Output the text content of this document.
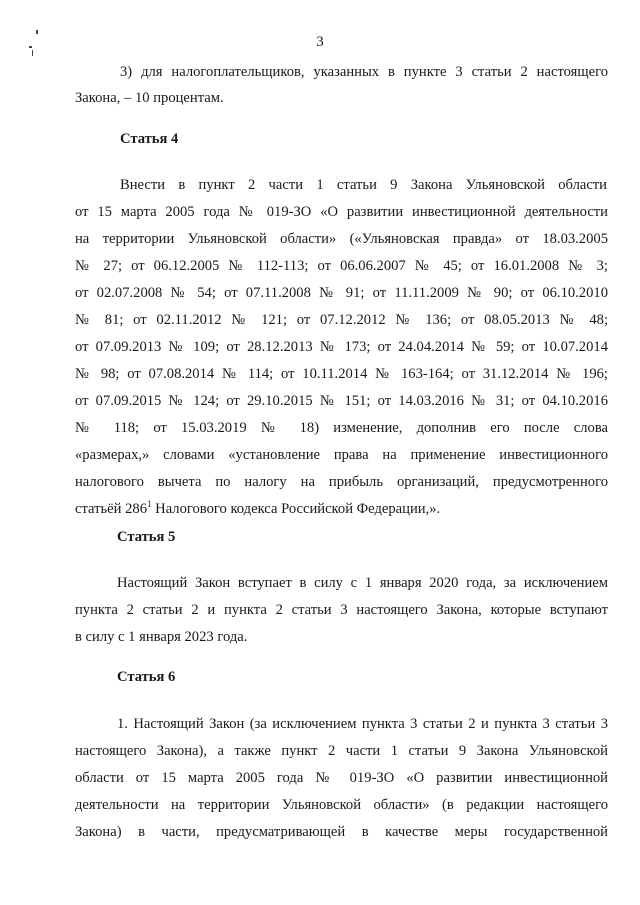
3
3) для налогоплательщиков, указанных в пункте 3 статьи 2 настоящего
Закона, – 10 процентам.
Статья 4
Внести в пункт 2 части 1 статьи 9 Закона Ульяновской области
от 15 марта 2005 года № 019-ЗО «О развитии инвестиционной деятельности
на территории Ульяновской области» («Ульяновская правда» от 18.03.2005
№ 27; от 06.12.2005 № 112-113; от 06.06.2007 № 45; от 16.01.2008 № 3;
от 02.07.2008 № 54; от 07.11.2008 № 91; от 11.11.2009 № 90; от 06.10.2010
№ 81; от 02.11.2012 № 121; от 07.12.2012 № 136; от 08.05.2013 № 48;
от 07.09.2013 № 109; от 28.12.2013 № 173; от 24.04.2014 № 59; от 10.07.2014
№ 98; от 07.08.2014 № 114; от 10.11.2014 № 163-164; от 31.12.2014 № 196;
от 07.09.2015 № 124; от 29.10.2015 № 151; от 14.03.2016 № 31; от 04.10.2016
№ 118; от 15.03.2019 № 18) изменение, дополнив его после слова
«размерах,» словами «установление права на применение инвестиционного
налогового вычета по налогу на прибыль организаций, предусмотренного
статьёй $286^1$ Налогового кодекса Российской Федерации,».
Статья 5
Настоящий Закон вступает в силу с 1 января 2020 года, за исключением
пункта 2 статьи 2 и пункта 2 статьи 3 настоящего Закона, которые вступают
в силу с 1 января 2023 года.
Статья 6
1. Настоящий Закон (за исключением пункта 3 статьи 2 и пункта 3 статьи 3
настоящего Закона), а также пункт 2 части 1 статьи 9 Закона Ульяновской
области от 15 марта 2005 года № 019-ЗО «О развитии инвестиционной
деятельности на территории Ульяновской области» (в редакции настоящего
Закона) в части, предусматривающей в качестве меры государственной
